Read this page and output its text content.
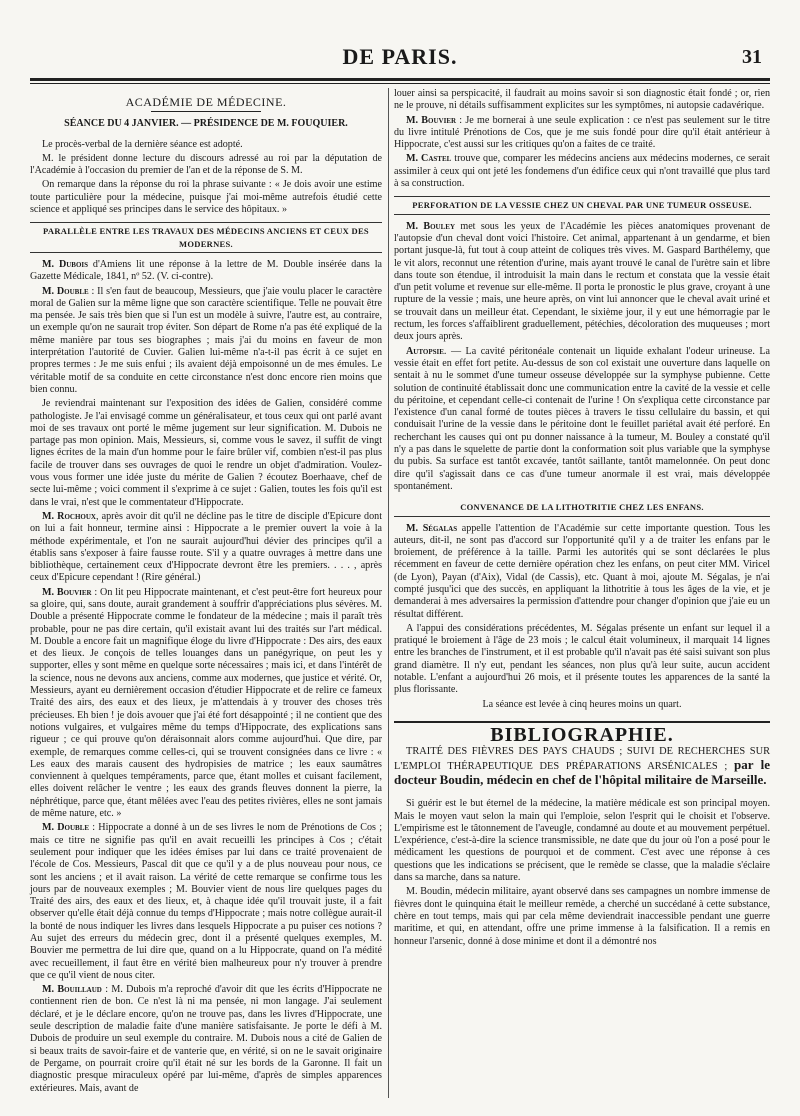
DE PARIS.	31

ACADÉMIE DE MÉDECINE.

SÉANCE DU 4 JANVIER. — PRÉSIDENCE DE M. FOUQUIER.

Le procès-verbal de la dernière séance est adopté.

M. le président donne lecture du discours adressé au roi par la députation de l'Académie à l'occasion du premier de l'an et de la réponse de S. M.

On remarque dans la réponse du roi la phrase suivante : « Je dois avoir une estime toute particulière pour la médecine, puisque j'ai moi-même autrefois étudié cette science et appliqué ses principes dans le service des hôpitaux. »

PARALLÈLE ENTRE LES TRAVAUX DES MÉDECINS ANCIENS ET CEUX DES MODERNES.

M. Dubois d'Amiens lit une réponse à la lettre de M. Double insérée dans la Gazette Médicale, 1841, nº 52. (V. ci-contre).

M. Double : Il s'en faut de beaucoup, Messieurs, que j'aie voulu placer le caractère moral de Galien sur la même ligne que son caractère scientifique. Telle ne pouvait être ma pensée. Je sais très bien que si l'un est un modèle à suivre, l'autre est, au contraire, un exemple qu'on ne saurait trop éviter. Son départ de Rome n'a pas été expliqué de la même manière par tous ses biographes ; mais j'ai du moins en faveur de mon interprétation l'autorité de Cuvier. Galien lui-même n'a-t-il pas écrit à ce sujet en propres termes : Je me suis enfui ; ils avaient déjà empoisonné un de mes émules. Le véritable motif de sa conduite en cette circonstance n'est donc encore rien moins que bien connu.

Je reviendrai maintenant sur l'exposition des idées de Galien, considéré comme pathologiste. Je l'ai envisagé comme un généralisateur, et tous ceux qui ont parlé avant moi de ses travaux ont porté le même jugement sur leur signification. M. Dubois ne partage pas mon opinion. Mais, Messieurs, si, comme vous le savez, il suffit de vingt lignes écrites de la main d'un homme pour le faire brûler vif, combien n'est-il pas plus facile de trouver dans ses ouvrages de quoi le rendre un objet d'admiration. Voulez-vous vous former une idée juste du mérite de Galien ? écoutez Boerhaave, chef de secte lui-même ; voici comment il s'exprime à ce sujet : Galien, toutes les fois qu'il est dans le vrai, n'est que le commentateur d'Hippocrate.

M. Rochoux, après avoir dit qu'il ne décline pas le titre de disciple d'Epicure dont on lui a fait honneur, termine ainsi : Hippocrate a le premier ouvert la voie à la méthode expérimentale, et l'on ne saurait aujourd'hui dévier des principes qu'il a établis sans s'exposer à faire fausse route. S'il y a quatre ouvrages à mettre dans une bibliothèque, certainement ceux d'Hippocrate devront être les premiers. . . . , après ceux d'Epicure cependant ! (Rire général.)

M. Bouvier : On lit peu Hippocrate maintenant, et c'est peut-être fort heureux pour sa gloire, qui, sans doute, aurait grandement à souffrir d'appréciations plus sévères. M. Double a présenté Hippocrate comme le fondateur de la médecine ; mais il paraît très probable, pour ne pas dire certain, qu'il existait avant lui des traités sur l'art médical. M. Double a encore fait un magnifique éloge du livre d'Hippocrate : Des airs, des eaux et des lieux. Je conçois de telles louanges dans un panégyrique, on peut les y supporter, elles y sont même en quelque sorte nécessaires ; mais ici, et dans l'intérêt de la science, nous ne devons aux anciens, comme aux modernes, que justice et vérité. Or, Messieurs, ayant eu dernièrement occasion d'étudier Hippocrate et de relire ce fameux Traité des airs, des eaux et des lieux, je m'attendais à y trouver des choses très précieuses. Eh bien ! je dois avouer que j'ai été fort désappointé ; il ne contient que des notions vulgaires, et vulgaires même du temps d'Hippocrate, des explications sans rigueur ; ce qui prouve qu'on déraisonnait alors comme aujourd'hui. Que dire, par exemple, de remarques comme celles-ci, qui se trouvent consignées dans ce livre : « Les eaux des marais causent des hydropisies de matrice ; les eaux saumâtres conviennent à quelques tempéraments, parce que, étant molles et cuisant facilement, elles doivent relâcher le ventre ; les eaux des grands fleuves donnent la pierre, la néphrétique, parce que, étant mêlées avec l'eau des petites rivières, elles ne sont jamais de même nature, etc. »

M. Double : Hippocrate a donné à un de ses livres le nom de Prénotions de Cos ; mais ce titre ne signifie pas qu'il en avait recueilli les principes à Cos ; c'était seulement pour indiquer que les idées émises par lui dans ce traité provenaient de l'école de Cos. Messieurs, Pascal dit que ce qu'il y a de plus nouveau pour nous, ce sont les anciens ; et il avait raison. La vérité de cette remarque se confirme tous les jours par de nouveaux exemples ; M. Bouvier vient de nous lire quelques pages du Traité des airs, des eaux et des lieux, et, à chaque idée qu'il trouvait juste, il a fait observer qu'elle était déjà connue du temps d'Hippocrate ; mais notre collègue aurait-il la bonté de nous indiquer les livres dans lesquels Hippocrate a pu puiser ces notions ? Au sujet des erreurs du médecin grec, dont il a présenté quelques exemples, M. Bouvier me permettra de lui dire que, quand on a lu Hippocrate, quand on l'a médité avec recueillement, il faut être en vérité bien malheureux pour n'y trouver à prendre que ce qu'il vient de nous citer.

M. Bouillaud : M. Dubois m'a reproché d'avoir dit que les écrits d'Hippocrate ne contiennent rien de bon. Ce n'est là ni ma pensée, ni mon langage. J'ai seulement déclaré, et je le déclare encore, qu'on ne trouve pas, dans les livres d'Hippocrate, une seule description de maladie faite d'une manière satisfaisante. Je porte le défi à M. Dubois de produire un seul exemple du contraire. M. Dubois nous a cité de Galien de si beaux traits de savoir-faire et de vanterie que, en vérité, si on ne le savait originaire de Pergame, on pourrait croire qu'il était né sur les bords de la Garonne. Il fait un diagnostic presque miraculeux opéré par lui-même, d'après de simples apparences extérieures. Mais, avant de

louer ainsi sa perspicacité, il faudrait au moins savoir si son diagnostic était fondé ; or, rien ne le prouve, ni détails suffisamment explicites sur les symptômes, ni autopsie cadavérique.

M. Bouvier : Je me bornerai à une seule explication : ce n'est pas seulement sur le titre du livre intitulé Prénotions de Cos, que je me suis fondé pour dire qu'il était antérieur à Hippocrate, c'est aussi sur les critiques qu'on a faites de ce traité.

M. Castel trouve que, comparer les médecins anciens aux médecins modernes, ce serait assimiler à ceux qui ont jeté les fondemens d'un édifice ceux qui n'ont travaillé que plus tard à sa construction.

PERFORATION DE LA VESSIE CHEZ UN CHEVAL PAR UNE TUMEUR OSSEUSE.

M. Bouley met sous les yeux de l'Académie les pièces anatomiques provenant de l'autopsie d'un cheval dont voici l'histoire. Cet animal, appartenant à un gendarme, et bien portant jusque-là, fut tout à coup atteint de coliques très vives. M. Gaspard Barthélemy, que le vit alors, reconnut une rétention d'urine, mais ayant trouvé le canal de l'urètre sain et libre dans toute son étendue, il introduisit la main dans le rectum et constata que la vessie était d'un petit volume et revenue sur elle-même. Il porta le pronostic le plus grave, croyant à une rupture de la vessie ; mais, une heure après, on vint lui annoncer que le cheval avait uriné et se trouvait dans un meilleur état. Cependant, le sixième jour, il y eut une hémorragie par le rectum, les forces s'affaiblirent graduellement, pétéchies, décoloration des muqueuses ; mort deux jours après.

Autopsie. — La cavité péritonéale contenait un liquide exhalant l'odeur urineuse. La vessie était en effet fort petite. Au-dessus de son col existait une ouverture dans laquelle on sentait à nu le sommet d'une tumeur osseuse développée sur la symphyse pubienne. Cette solution de continuité établissait donc une communication entre la cavité de la vessie et celle du péritoine, et cependant celle-ci contenait de l'urine ! On s'expliqua cette circonstance par l'existence d'un canal formé de toutes pièces à travers le tissu cellulaire du bassin, et qui conduisait l'urine de la vessie dans le péritoine dont le feuillet pariétal avait été perforé. En recherchant les causes qui ont pu donner naissance à la tumeur, M. Bouley a constaté qu'il n'y a pas dans le squelette de partie dont la conformation soit plus variable que la symphyse du pubis. Sa surface est tantôt excavée, tantôt saillante, tantôt mamelonnée. On peut donc dire qu'il s'agissait dans ce cas d'une tumeur anormale il est vrai, mais développée spontanément.

CONVENANCE DE LA LITHOTRITIE CHEZ LES ENFANS.

M. Ségalas appelle l'attention de l'Académie sur cette importante question. Tous les auteurs, dit-il, ne sont pas d'accord sur l'opportunité qu'il y a de traiter les enfans par le broiement, de préférence à la taille. Parmi les autorités qui se sont déclarées le plus récemment en faveur de cette dernière opération chez les enfans, on peut citer MM. Viricel (de Lyon), Payan (d'Aix), Vidal (de Cassis), etc. Quant à moi, ajoute M. Ségalas, je n'ai compté jusqu'ici que des succès, en appliquant la lithotritie à tous les âges de la vie, et je demanderai à mes adversaires la permission d'attendre pour changer d'opinion que j'aie eu un résultat différent.

A l'appui des considérations précédentes, M. Ségalas présente un enfant sur lequel il a pratiqué le broiement à l'âge de 23 mois ; le calcul était volumineux, il marquait 14 lignes entre les branches de l'instrument, et il est probable qu'il n'avait pas été saisi suivant son plus grand diamètre. Il n'y eut, pendant les séances, non plus qu'à leur suite, aucun accident notable. L'enfant a aujourd'hui 26 mois, et il présente toutes les apparences de la santé la plus florissante.

La séance est levée à cinq heures moins un quart.

BIBLIOGRAPHIE.
TRAITÉ DES FIÈVRES DES PAYS CHAUDS ; SUIVI DE RECHERCHES SUR L'EMPLOI THÉRAPEUTIQUE DES PRÉPARATIONS ARSÉNICALES ; par le docteur Boudin, médecin en chef de l'hôpital militaire de Marseille.

Si guérir est le but éternel de la médecine, la matière médicale est son principal moyen. Mais le moyen vaut selon la main qui l'emploie, selon l'esprit qui le choisit et l'observe. L'empirisme est le tâtonnement de l'aveugle, condamné au doute et au mouvement perpétuel. L'expérience, c'est-à-dire la science transmissible, ne date que du jour où l'on a posé pour le médicament les questions de pourquoi et de comment. C'est avec une réponse à ces questions que les indications se précisent, que le remède se classe, que la maladie s'éclaire dans sa marche, dans sa nature.

M. Boudin, médecin militaire, ayant observé dans ses campagnes un nombre immense de fièvres dont le quinquina était le meilleur remède, a cherché un succédané à cette substance, chère en tout temps, mais qui par cela même deviendrait inaccessible pendant une guerre maritime, et qui, en attendant, offre une prime immense à la falsification. Il a remis en honneur l'arsenic, donné à dose minime et dont il a démontré nos
